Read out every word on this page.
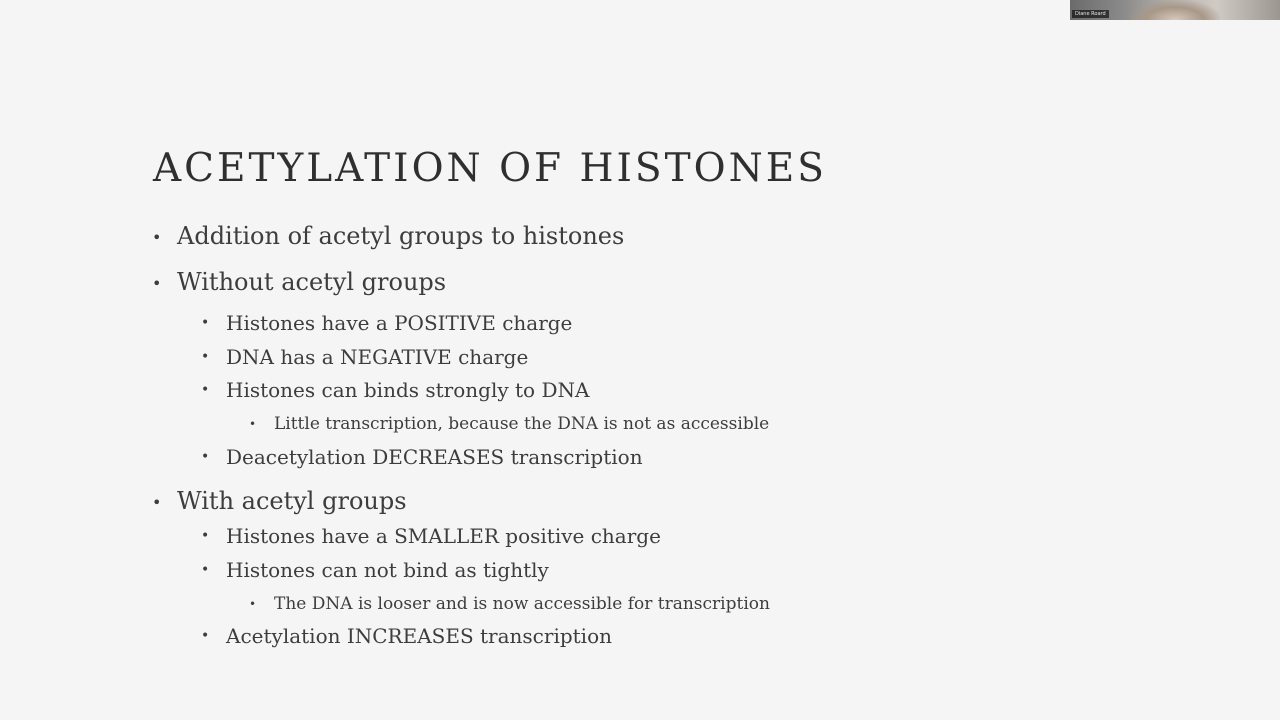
ACETYLATION OF HISTONES
• Addition of acetyl groups to histones
• Without acetyl groups
• Histones have a POSITIVE charge
• DNA has a NEGATIVE charge
• Histones can binds strongly to DNA
• Little transcription, because the DNA is not as accessible
• Deacetylation DECREASES transcription
• With acetyl groups
• Histones have a SMALLER positive charge
• Histones can not bind as tightly
• The DNA is looser and is now accessible for transcription
• Acetylation INCREASES transcription
Diane Roard
